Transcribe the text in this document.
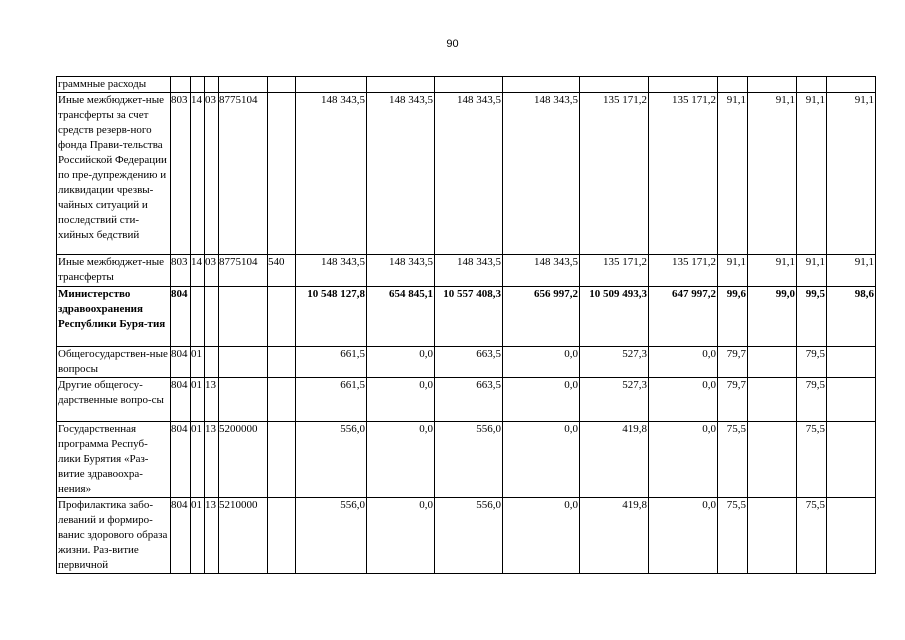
90
граммные расходы															
Иные межбюджет-ные трансферты за счет средств резерв-ного фонда Прави-тельства Российской Федерации по пре-дупреждению и ликвидации чрезвы-чайных ситуаций и последствий сти-хийных бедствий	803	14	03	8775104		148 343,5	148 343,5	148 343,5	148 343,5	135 171,2	135 171,2	91,1	91,1	91,1	91,1
Иные межбюджет-ные трансферты	803	14	03	8775104	540	148 343,5	148 343,5	148 343,5	148 343,5	135 171,2	135 171,2	91,1	91,1	91,1	91,1
Министерство здравоохранения Республики Буря-тия	804					10 548 127,8	654 845,1	10 557 408,3	656 997,2	10 509 493,3	647 997,2	99,6	99,0	99,5	98,6
Общегосударствен-ные вопросы	804	01				661,5	0,0	663,5	0,0	527,3	0,0	79,7		79,5	
Другие общегосу-дарственные вопро-сы	804	01	13			661,5	0,0	663,5	0,0	527,3	0,0	79,7		79,5	
Государственная программа Респуб-лики Бурятия «Раз-витие здравоохра-нения»	804	01	13	5200000		556,0	0,0	556,0	0,0	419,8	0,0	75,5		75,5	
Профилактика забо-леваний и формиро-ванис здорового образа жизни. Раз-витие первичной	804	01	13	5210000		556,0	0,0	556,0	0,0	419,8	0,0	75,5		75,5	
